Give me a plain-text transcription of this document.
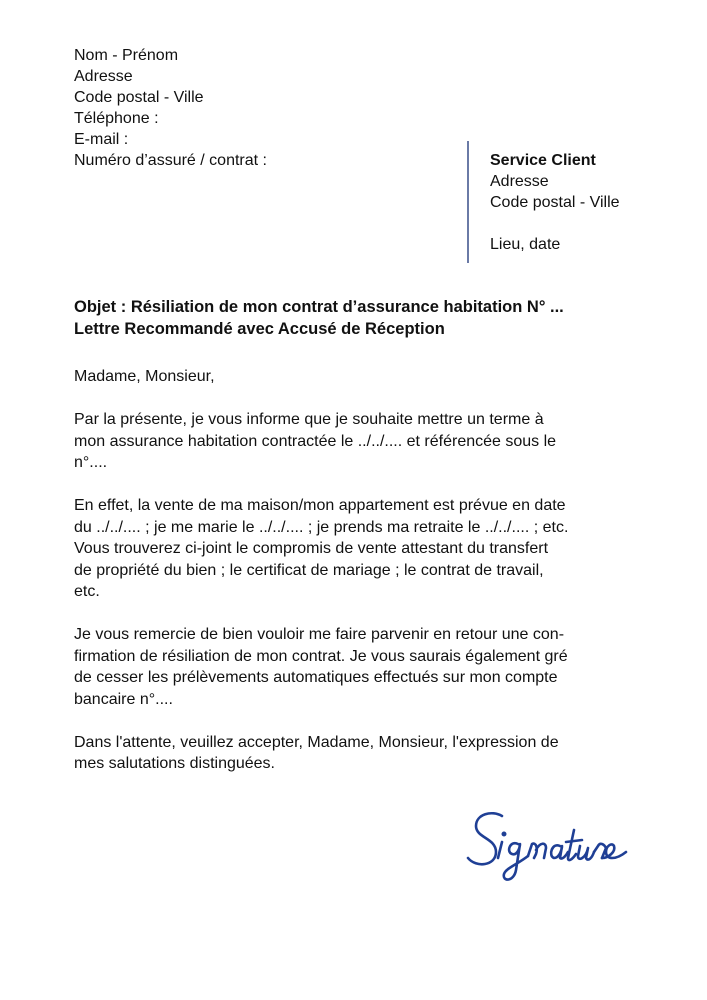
Nom - Prénom
Adresse
Code postal - Ville
Téléphone :
E-mail :
Numéro d’assuré / contrat :	Service Client
Adresse
Code postal - Ville
Lieu, date
Objet : Résiliation de mon contrat d’assurance habitation N° ...
Lettre Recommandé avec Accusé de Réception

Madame, Monsieur,

Par la présente, je vous informe que je souhaite mettre un terme à
mon assurance habitation contractée le ../../.... et référencée sous le
n°....

En effet, la vente de ma maison/mon appartement est prévue en date
du ../../.... ; je me marie le ../../.... ; je prends ma retraite le ../../.... ; etc.
Vous trouverez ci-joint le compromis de vente attestant du transfert
de propriété du bien ; le certificat de mariage ; le contrat de travail,
etc.

Je vous remercie de bien vouloir me faire parvenir en retour une con-
firmation de résiliation de mon contrat. Je vous saurais également gré
de cesser les prélèvements automatiques effectués sur mon compte
bancaire n°....

Dans l'attente, veuillez accepter, Madame, Monsieur, l'expression de
mes salutations distinguées.
